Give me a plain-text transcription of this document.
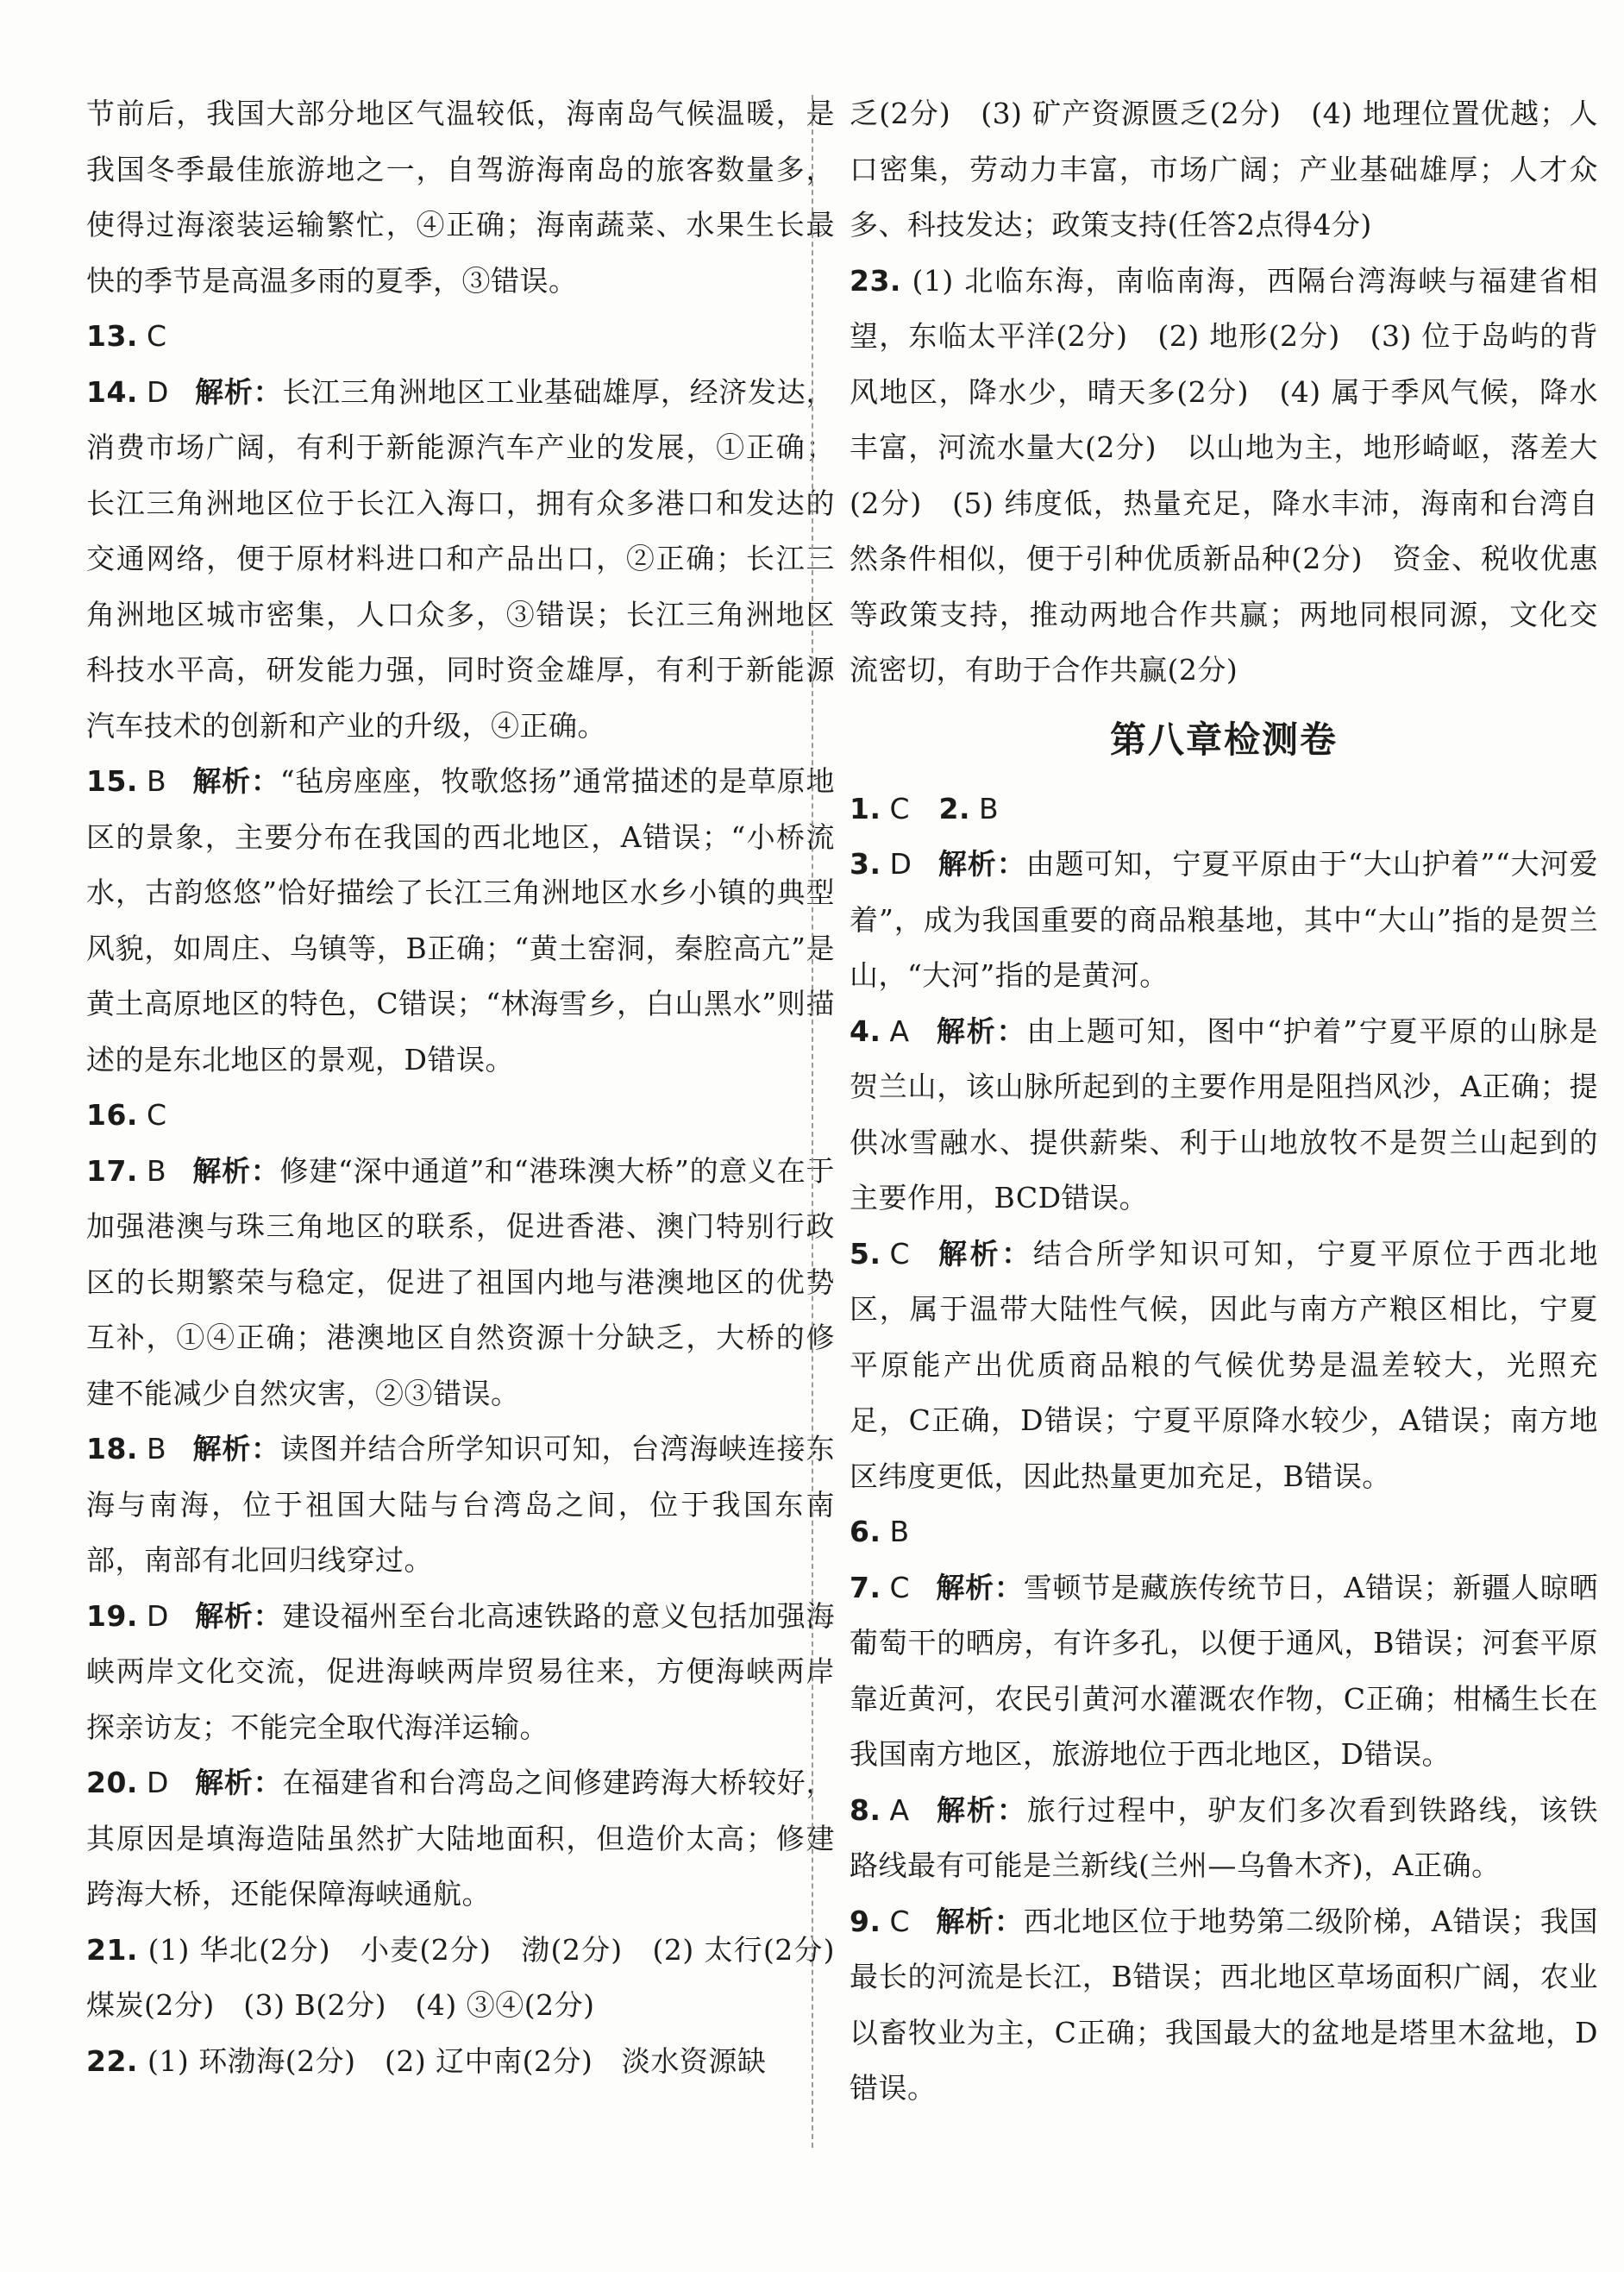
节前后，我国大部分地区气温较低，海南岛气候温暖，是我国冬季最佳旅游地之一，自驾游海南岛的旅客数量多，使得过海滚装运输繁忙，④正确；海南蔬菜、水果生长最快的季节是高温多雨的夏季，③错误。

13. C

14. D 解析：长江三角洲地区工业基础雄厚，经济发达，消费市场广阔，有利于新能源汽车产业的发展，①正确；长江三角洲地区位于长江入海口，拥有众多港口和发达的交通网络，便于原材料进口和产品出口，②正确；长江三角洲地区城市密集，人口众多，③错误；长江三角洲地区科技水平高，研发能力强，同时资金雄厚，有利于新能源汽车技术的创新和产业的升级，④正确。

15. B 解析：“毡房座座，牧歌悠扬”通常描述的是草原地区的景象，主要分布在我国的西北地区，A错误；“小桥流水，古韵悠悠”恰好描绘了长江三角洲地区水乡小镇的典型风貌，如周庄、乌镇等，B正确；“黄土窑洞，秦腔高亢”是黄土高原地区的特色，C错误；“林海雪乡，白山黑水”则描述的是东北地区的景观，D错误。

16. C

17. B 解析：修建“深中通道”和“港珠澳大桥”的意义在于加强港澳与珠三角地区的联系，促进香港、澳门特别行政区的长期繁荣与稳定，促进了祖国内地与港澳地区的优势互补，①④正确；港澳地区自然资源十分缺乏，大桥的修建不能减少自然灾害，②③错误。

18. B 解析：读图并结合所学知识可知，台湾海峡连接东海与南海，位于祖国大陆与台湾岛之间，位于我国东南部，南部有北回归线穿过。

19. D 解析：建设福州至台北高速铁路的意义包括加强海峡两岸文化交流，促进海峡两岸贸易往来，方便海峡两岸探亲访友；不能完全取代海洋运输。

20. D 解析：在福建省和台湾岛之间修建跨海大桥较好，其原因是填海造陆虽然扩大陆地面积，但造价太高；修建跨海大桥，还能保障海峡通航。

21. (1) 华北(2分)　小麦(2分)　渤(2分)　(2) 太行(2分)　煤炭(2分)　(3) B(2分)　(4) ③④(2分)

22. (1) 环渤海(2分)　(2) 辽中南(2分)　淡水资源缺

乏(2分)　(3) 矿产资源匮乏(2分)　(4) 地理位置优越；人口密集，劳动力丰富，市场广阔；产业基础雄厚；人才众多、科技发达；政策支持(任答2点得4分)

23. (1) 北临东海，南临南海，西隔台湾海峡与福建省相望，东临太平洋(2分)　(2) 地形(2分)　(3) 位于岛屿的背风地区，降水少，晴天多(2分)　(4) 属于季风气候，降水丰富，河流水量大(2分)　以山地为主，地形崎岖，落差大(2分)　(5) 纬度低，热量充足，降水丰沛，海南和台湾自然条件相似，便于引种优质新品种(2分)　资金、税收优惠等政策支持，推动两地合作共赢；两地同根同源，文化交流密切，有助于合作共赢(2分)

第八章检测卷

1. C　 2. B

3. D 解析：由题可知，宁夏平原由于“大山护着”“大河爱着”，成为我国重要的商品粮基地，其中“大山”指的是贺兰山，“大河”指的是黄河。

4. A 解析：由上题可知，图中“护着”宁夏平原的山脉是贺兰山，该山脉所起到的主要作用是阻挡风沙，A正确；提供冰雪融水、提供薪柴、利于山地放牧不是贺兰山起到的主要作用，BCD错误。

5. C 解析：结合所学知识可知，宁夏平原位于西北地区，属于温带大陆性气候，因此与南方产粮区相比，宁夏平原能产出优质商品粮的气候优势是温差较大，光照充足，C正确，D错误；宁夏平原降水较少，A错误；南方地区纬度更低，因此热量更加充足，B错误。

6. B

7. C 解析：雪顿节是藏族传统节日，A错误；新疆人晾晒葡萄干的晒房，有许多孔，以便于通风，B错误；河套平原靠近黄河，农民引黄河水灌溉农作物，C正确；柑橘生长在我国南方地区，旅游地位于西北地区，D错误。

8. A 解析：旅行过程中，驴友们多次看到铁路线，该铁路线最有可能是兰新线(兰州—乌鲁木齐)，A正确。

9. C 解析：西北地区位于地势第二级阶梯，A错误；我国最长的河流是长江，B错误；西北地区草场面积广阔，农业以畜牧业为主，C正确；我国最大的盆地是塔里木盆地，D错误。
